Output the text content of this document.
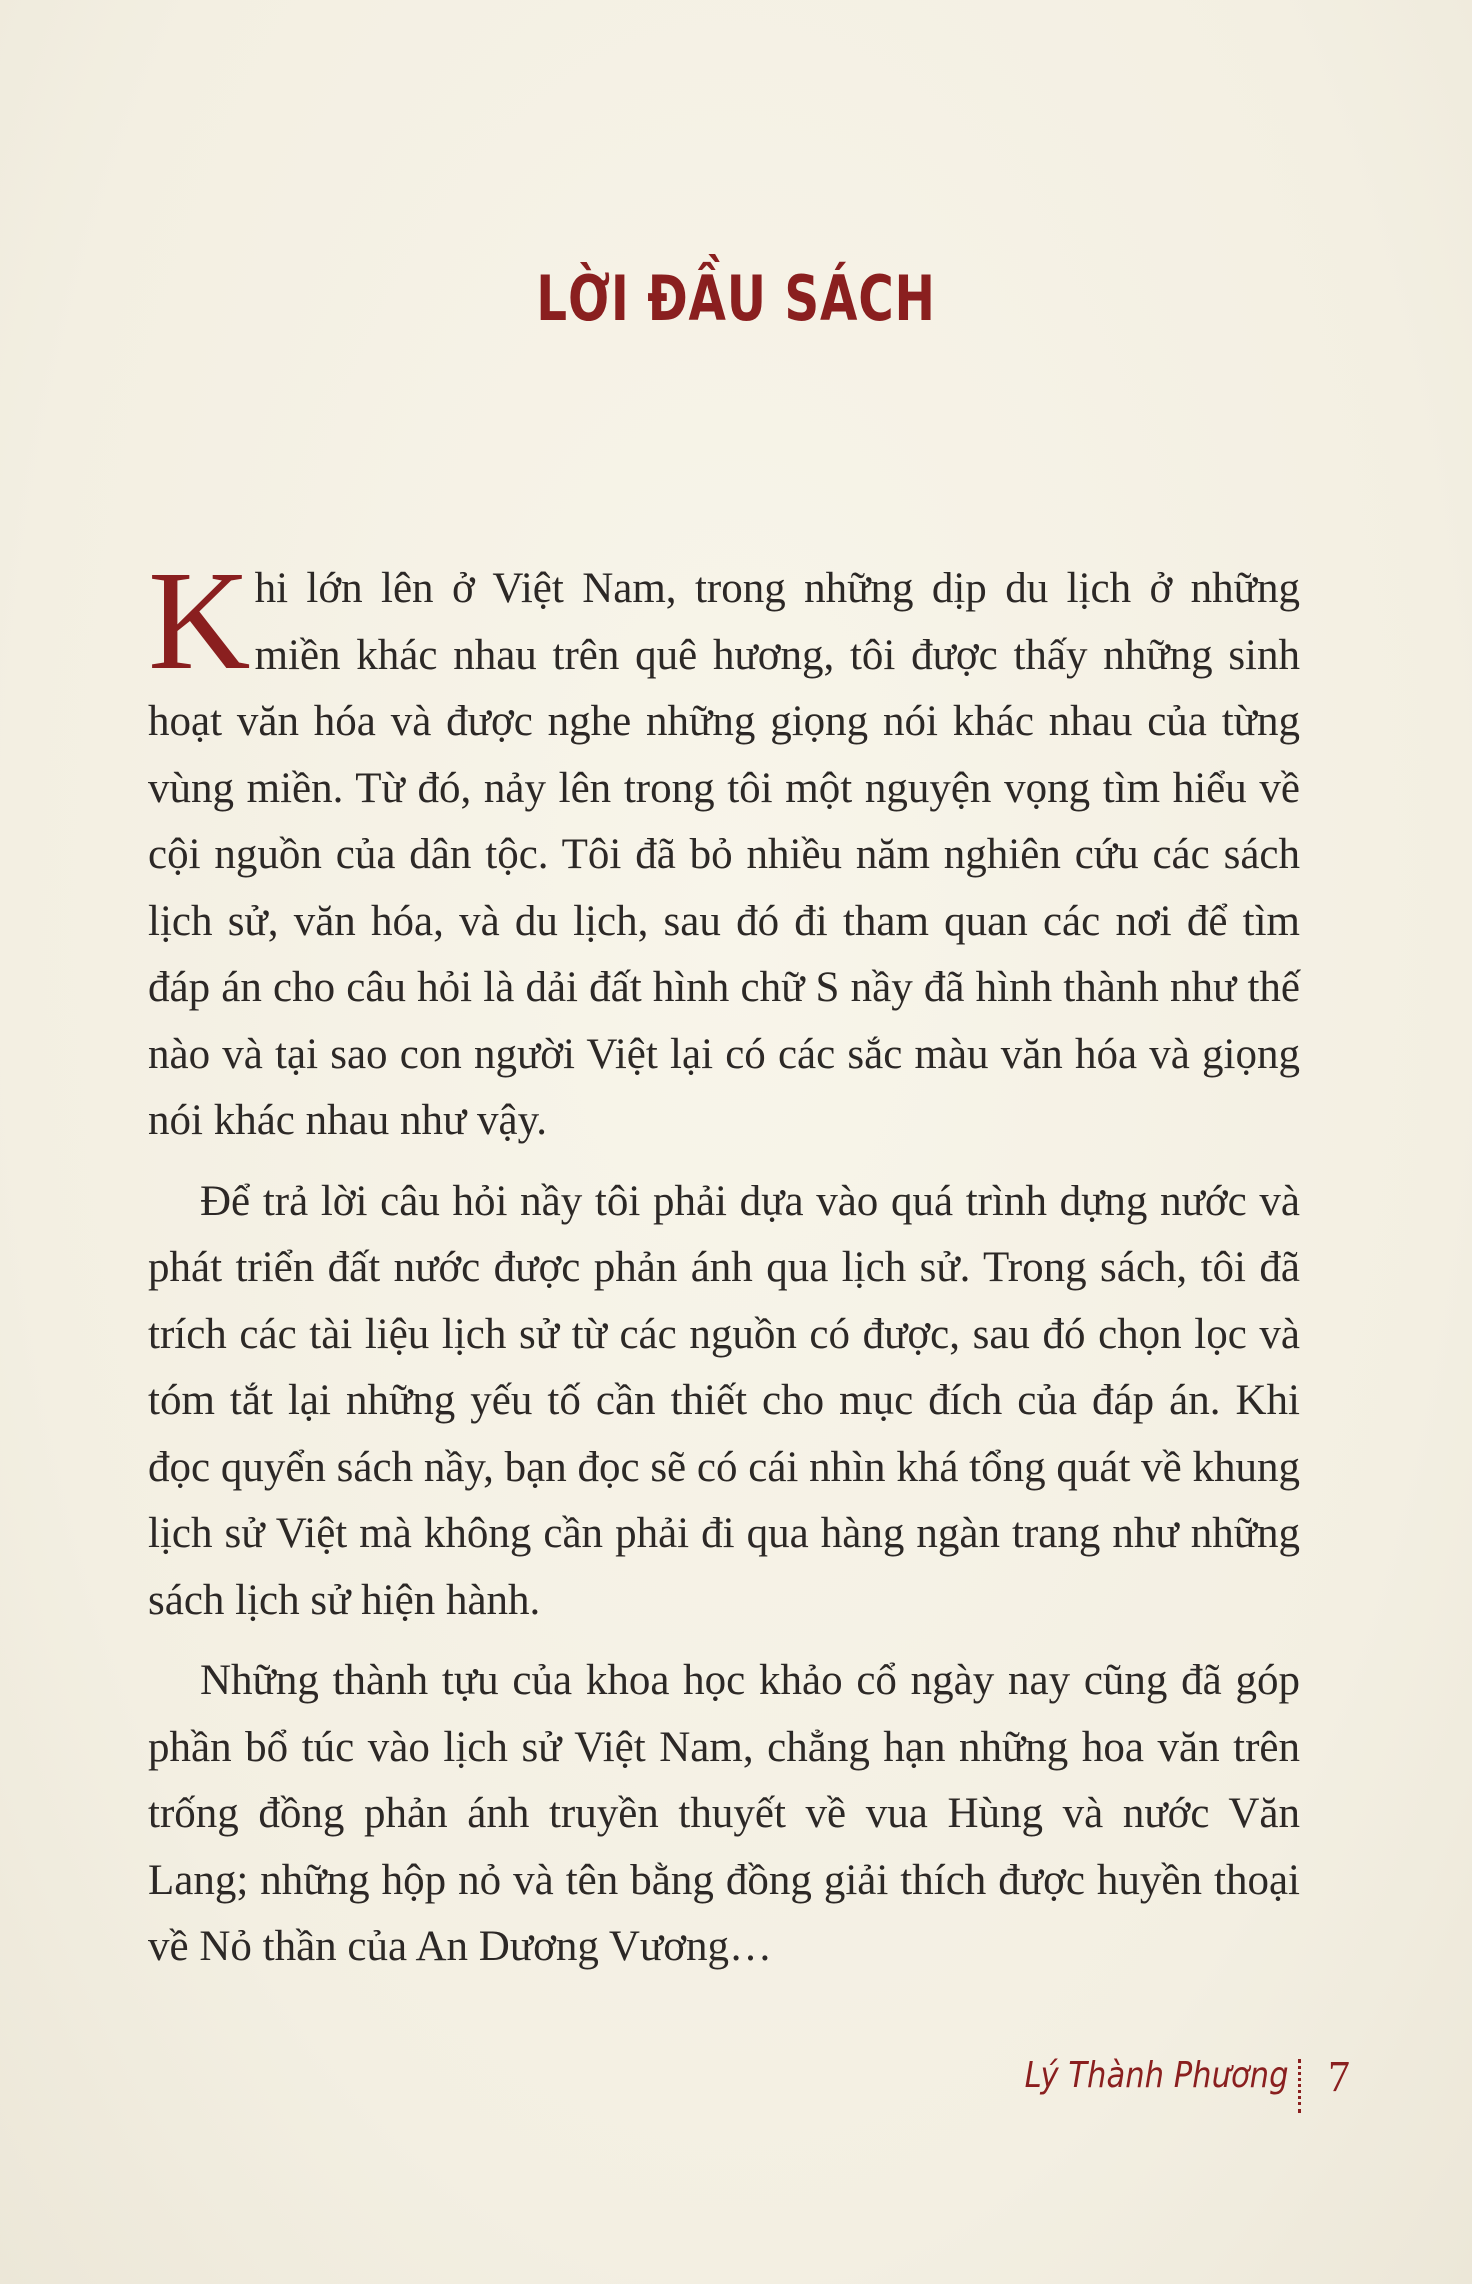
LỜI ĐẦU SÁCH

Khi lớn lên ở Việt Nam, trong những dịp du lịch ở những miền khác nhau trên quê hương, tôi được thấy những sinh hoạt văn hóa và được nghe những giọng nói khác nhau của từng vùng miền. Từ đó, nảy lên trong tôi một nguyện vọng tìm hiểu về cội nguồn của dân tộc. Tôi đã bỏ nhiều năm nghiên cứu các sách lịch sử, văn hóa, và du lịch, sau đó đi tham quan các nơi để tìm đáp án cho câu hỏi là dải đất hình chữ S nầy đã hình thành như thế nào và tại sao con người Việt lại có các sắc màu văn hóa và giọng nói khác nhau như vậy.

Để trả lời câu hỏi nầy tôi phải dựa vào quá trình dựng nước và phát triển đất nước được phản ánh qua lịch sử. Trong sách, tôi đã trích các tài liệu lịch sử từ các nguồn có được, sau đó chọn lọc và tóm tắt lại những yếu tố cần thiết cho mục đích của đáp án. Khi đọc quyển sách nầy, bạn đọc sẽ có cái nhìn khá tổng quát về khung lịch sử Việt mà không cần phải đi qua hàng ngàn trang như những sách lịch sử hiện hành.

Những thành tựu của khoa học khảo cổ ngày nay cũng đã góp phần bổ túc vào lịch sử Việt Nam, chẳng hạn những hoa văn trên trống đồng phản ánh truyền thuyết về vua Hùng và nước Văn Lang; những hộp nỏ và tên bằng đồng giải thích được huyền thoại về Nỏ thần của An Dương Vương…

Lý Thành Phương 7
